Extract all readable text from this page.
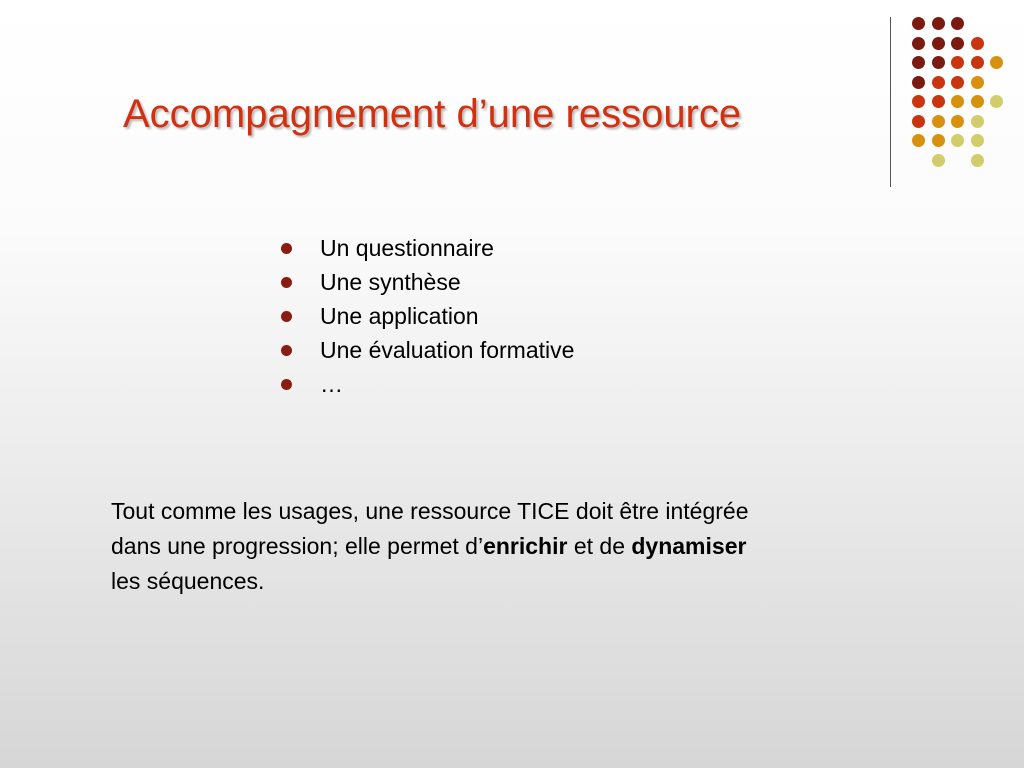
Accompagnement d’une ressource
Un questionnaire
Une synthèse
Une application
Une évaluation formative
…

Tout comme les usages, une ressource TICE doit être intégrée
dans une progression; elle permet d’enrichir et de dynamiser
les séquences.
